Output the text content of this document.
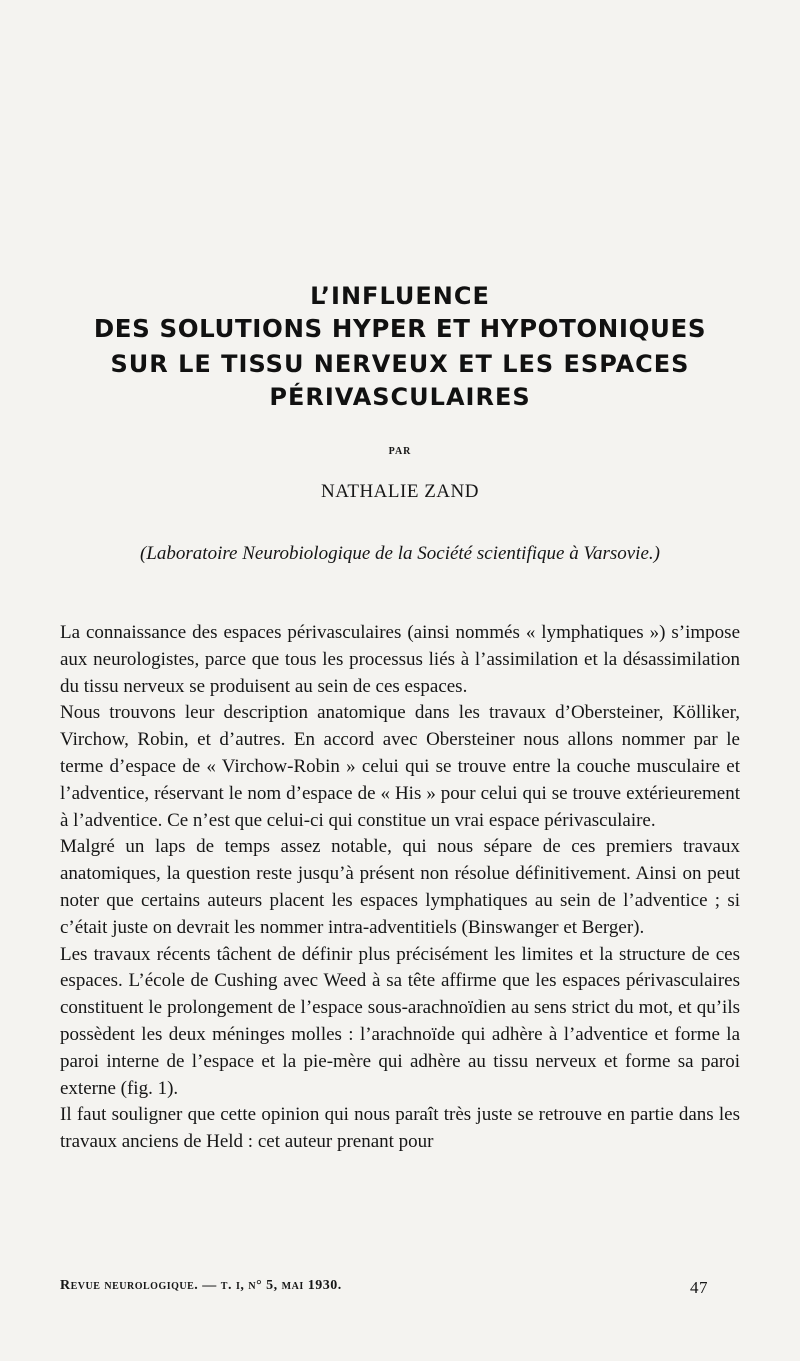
L’INFLUENCE
DES SOLUTIONS HYPER ET HYPOTONIQUES
SUR LE TISSU NERVEUX ET LES ESPACES
PÉRIVASCULAIRES
PAR
NATHALIE ZAND
(Laboratoire Neurobiologique de la Société scientifique à Varsovie.)

La connaissance des espaces périvasculaires (ainsi nommés « lymphatiques ») s’impose aux neurologistes, parce que tous les processus liés à l’assimilation et la désassimilation du tissu nerveux se produisent au sein de ces espaces.

Nous trouvons leur description anatomique dans les travaux d’Obersteiner, Kölliker, Virchow, Robin, et d’autres. En accord avec Obersteiner nous allons nommer par le terme d’espace de « Virchow-Robin » celui qui se trouve entre la couche musculaire et l’adventice, réservant le nom d’espace de « His » pour celui qui se trouve extérieurement à l’adventice. Ce n’est que celui-ci qui constitue un vrai espace périvasculaire.

Malgré un laps de temps assez notable, qui nous sépare de ces premiers travaux anatomiques, la question reste jusqu’à présent non résolue définitivement. Ainsi on peut noter que certains auteurs placent les espaces lymphatiques au sein de l’adventice ; si c’était juste on devrait les nommer intra-adventitiels (Binswanger et Berger).

Les travaux récents tâchent de définir plus précisément les limites et la structure de ces espaces. L’école de Cushing avec Weed à sa tête affirme que les espaces périvasculaires constituent le prolongement de l’espace sous-arachnoïdien au sens strict du mot, et qu’ils possèdent les deux méninges molles : l’arachnoïde qui adhère à l’adventice et forme la paroi interne de l’espace et la pie-mère qui adhère au tissu nerveux et forme sa paroi externe (fig. 1).

Il faut souligner que cette opinion qui nous paraît très juste se retrouve en partie dans les travaux anciens de Held : cet auteur prenant pour

Revue neurologique. — t. i, n° 5, mai 1930.	47
